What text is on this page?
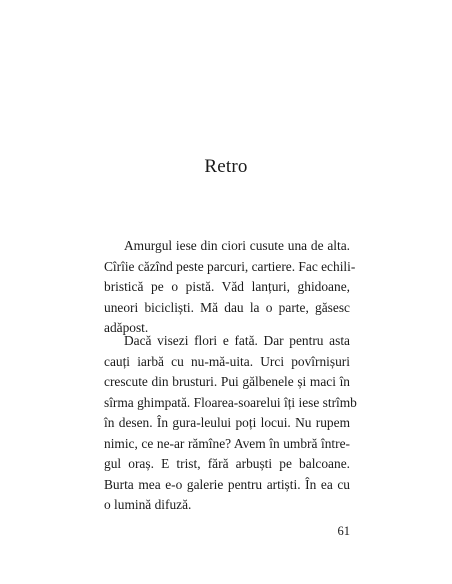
Retro
Amurgul iese din ciori cusute una de alta.
Cîrîie căzînd peste parcuri, cartiere. Fac echili-
bristică pe o pistă. Văd lanțuri, ghidoane,
uneori bicicliști. Mă dau la o parte, găsesc
adăpost.
Dacă visezi flori e fată. Dar pentru asta
cauți iarbă cu nu-mă-uita. Urci povîrnișuri
crescute din brusturi. Pui gălbenele și maci în
sîrma ghimpată. Floarea-soarelui îți iese strîmb
în desen. În gura-leului poți locui. Nu rupem
nimic, ce ne-ar rămîne? Avem în umbră între-
gul oraș. E trist, fără arbuști pe balcoane.
Burta mea e-o galerie pentru artiști. În ea cu
o lumină difuză.
61
